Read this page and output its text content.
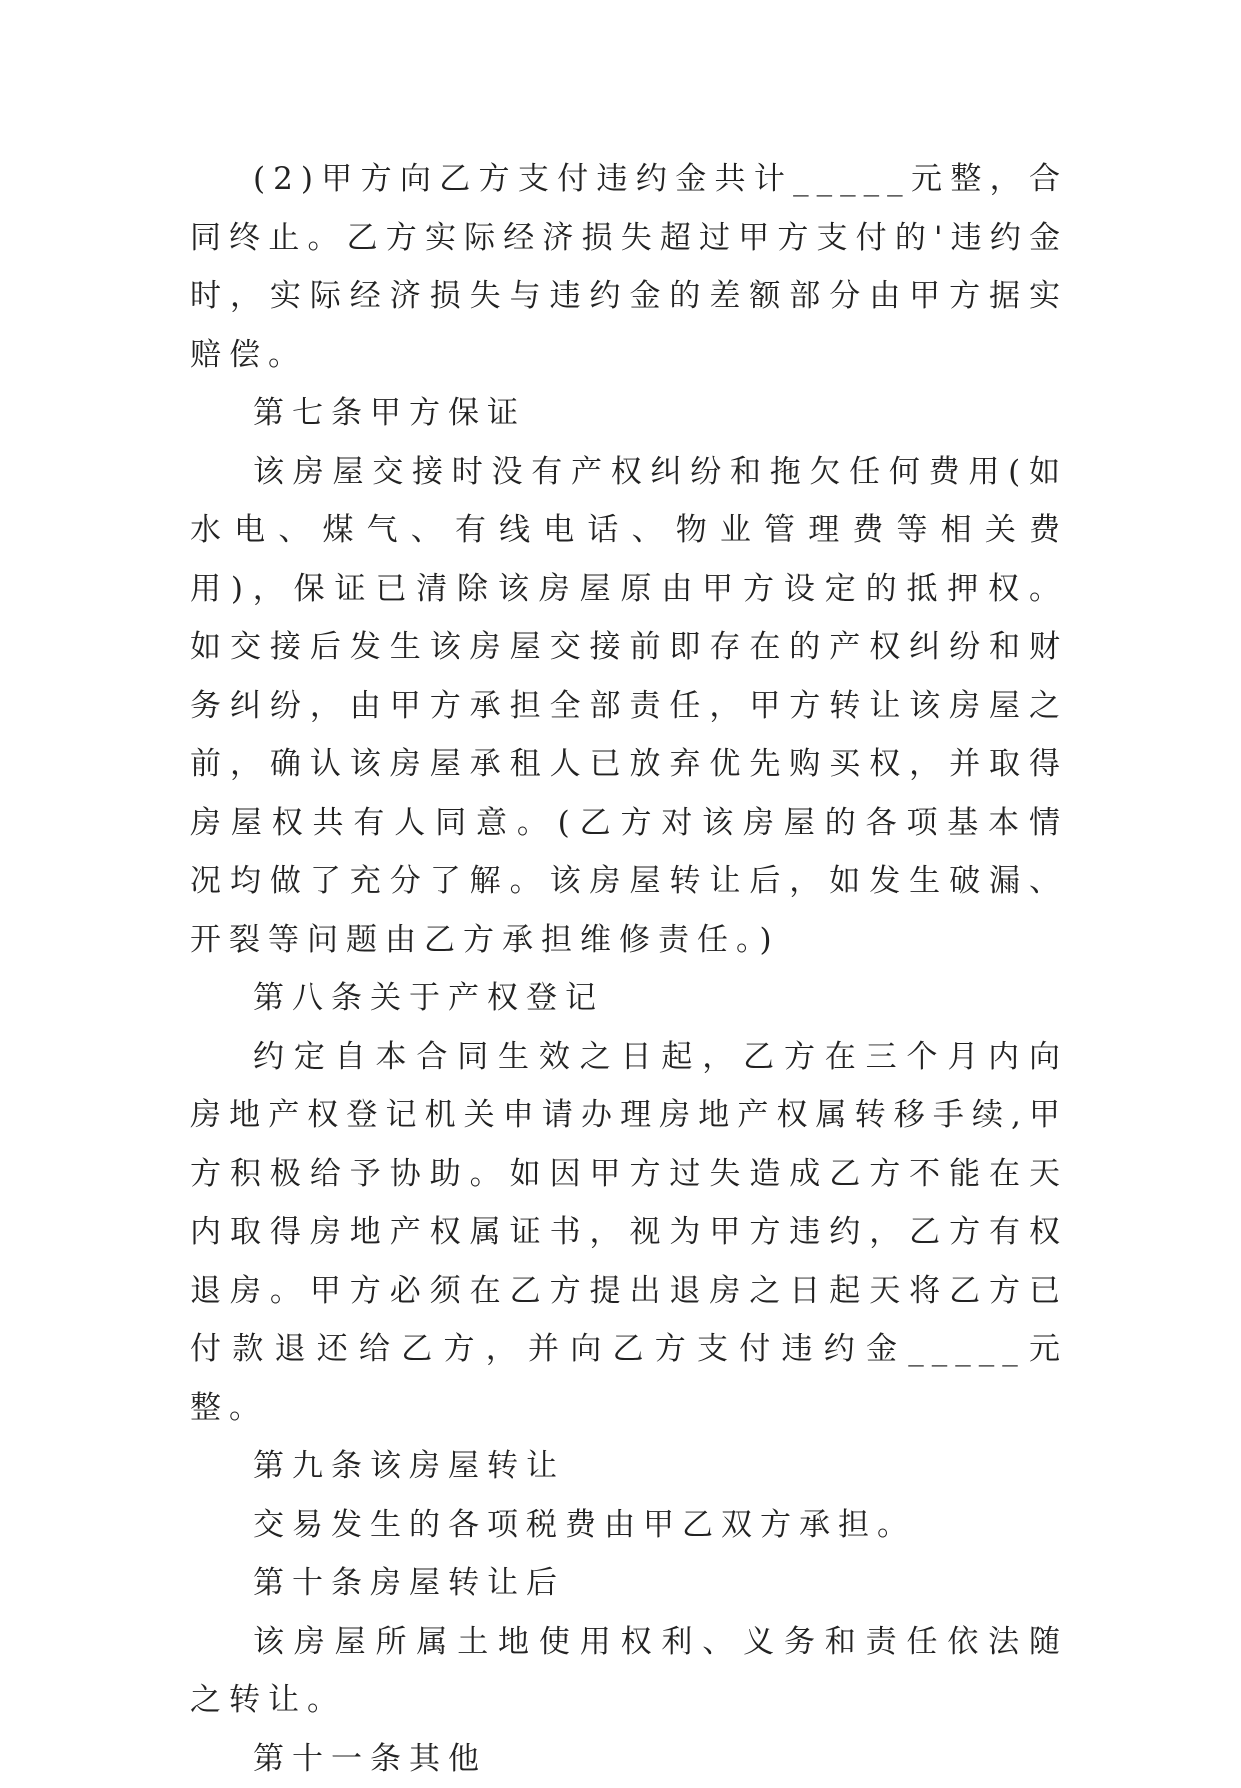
(2)甲方向乙方支付违约金共计_____元整，合同终止。乙方实际经济损失超过甲方支付的'违约金时，实际经济损失与违约金的差额部分由甲方据实赔偿。

第七条甲方保证

该房屋交接时没有产权纠纷和拖欠任何费用(如水电、煤气、有线电话、物业管理费等相关费用)，保证已清除该房屋原由甲方设定的抵押权。如交接后发生该房屋交接前即存在的产权纠纷和财务纠纷，由甲方承担全部责任，甲方转让该房屋之前，确认该房屋承租人已放弃优先购买权，并取得房屋权共有人同意。(乙方对该房屋的各项基本情况均做了充分了解。该房屋转让后，如发生破漏、开裂等问题由乙方承担维修责任。)

第八条关于产权登记

约定自本合同生效之日起，乙方在三个月内向房地产权登记机关申请办理房地产权属转移手续,甲方积极给予协助。如因甲方过失造成乙方不能在天内取得房地产权属证书，视为甲方违约，乙方有权退房。甲方必须在乙方提出退房之日起天将乙方已付款退还给乙方，并向乙方支付违约金_____元整。

第九条该房屋转让

交易发生的各项税费由甲乙双方承担。

第十条房屋转让后

该房屋所属土地使用权利、义务和责任依法随之转让。

第十一条其他
